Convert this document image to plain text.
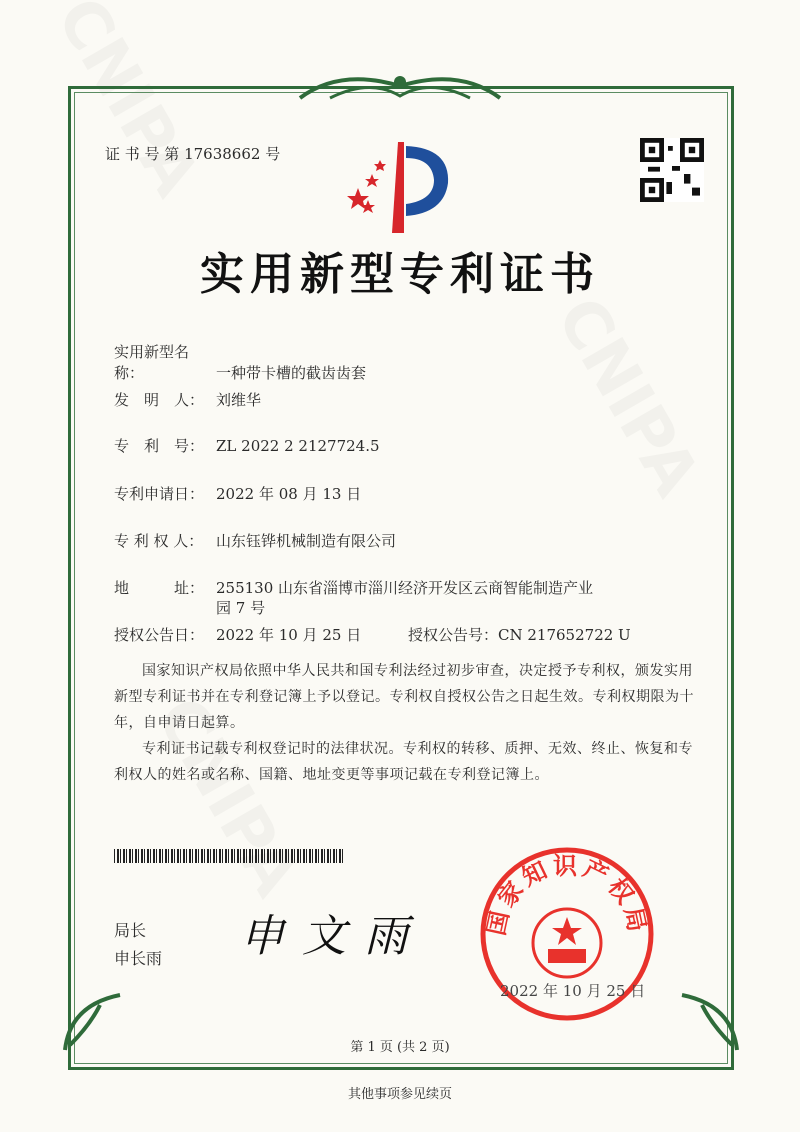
证 书 号 第 17638662 号
实用新型专利证书
实用新型名称：	一种带卡槽的截齿齿套
发　明　人： 刘维华
专　利　号： ZL 2022 2 2127724.5
专利申请日： 2022 年 08 月 13 日
专 利 权 人： 山东钰铧机械制造有限公司
地　　　址： 255130 山东省淄博市淄川经济开发区云商智能制造产业
园 7 号
授权公告日： 2022 年 10 月 25 日	授权公告号：CN 217652722 U
国家知识产权局依照中华人民共和国专利法经过初步审查，决定授予专利权，颁发实用新型专利证书并在专利登记簿上予以登记。专利权自授权公告之日起生效。专利权期限为十年，自申请日起算。
专利证书记载专利权登记时的法律状况。专利权的转移、质押、无效、终止、恢复和专利权人的姓名或名称、国籍、地址变更等事项记载在专利登记簿上。
局长
申长雨 申 文 雨	国家知识产权局
2022 年 10 月 25 日
第 1 页 (共 2 页)
其他事项参见续页
